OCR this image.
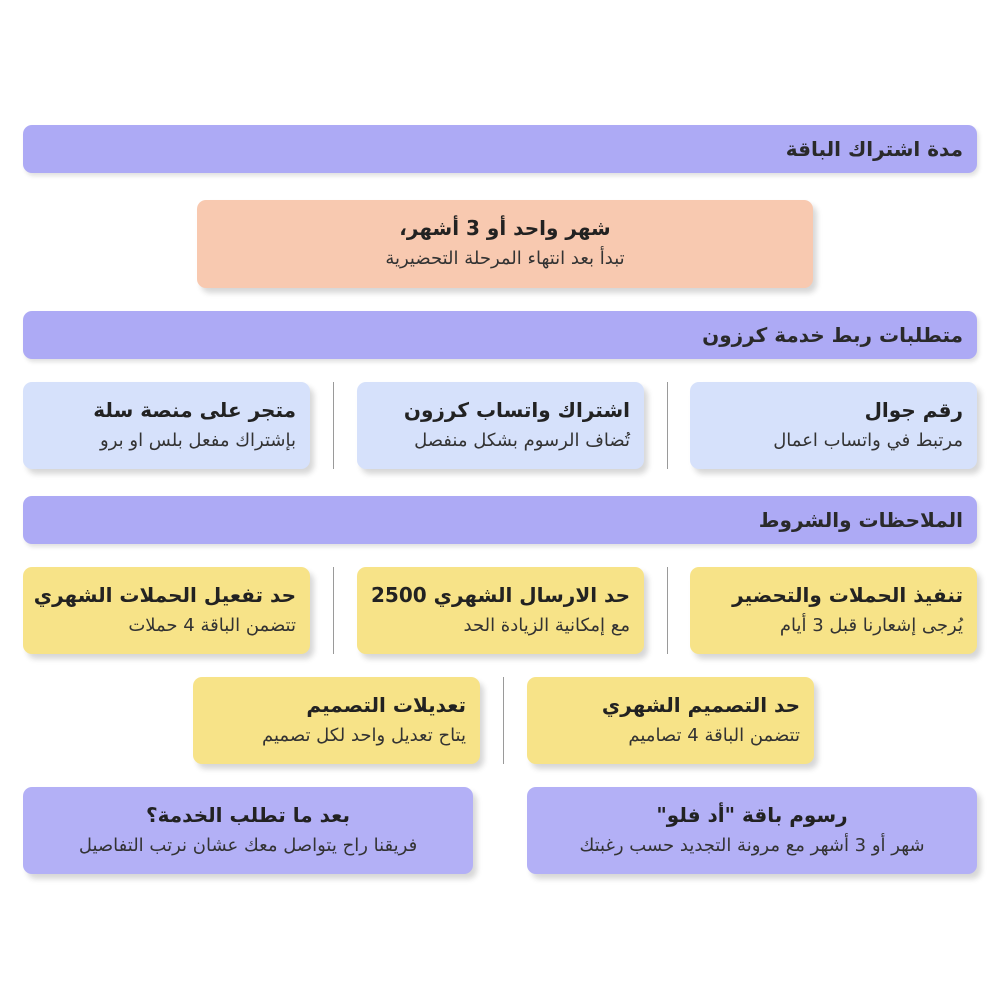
مدة اشتراك الباقة
شهر واحد أو 3 أشهر،
تبدأ بعد انتهاء المرحلة التحضيرية
متطلبات ربط خدمة كرزون
رقم جوال
مرتبط في واتساب اعمال
اشتراك واتساب كرزون
تُضاف الرسوم بشكل منفصل
متجر على منصة سلة
بإشتراك مفعل بلس او برو
الملاحظات والشروط
تنفيذ الحملات والتحضير
يُرجى إشعارنا قبل 3 أيام
حد الارسال الشهري 2500
مع إمكانية الزيادة الحد
حد تفعيل الحملات الشهري
تتضمن الباقة 4 حملات
حد التصميم الشهري
تتضمن الباقة 4 تصاميم
تعديلات التصميم
يتاح تعديل واحد لكل تصميم
رسوم باقة "أد فلو"
شهر أو 3 أشهر مع مرونة التجديد حسب رغبتك
بعد ما تطلب الخدمة؟
فريقنا راح يتواصل معك عشان نرتب التفاصيل
